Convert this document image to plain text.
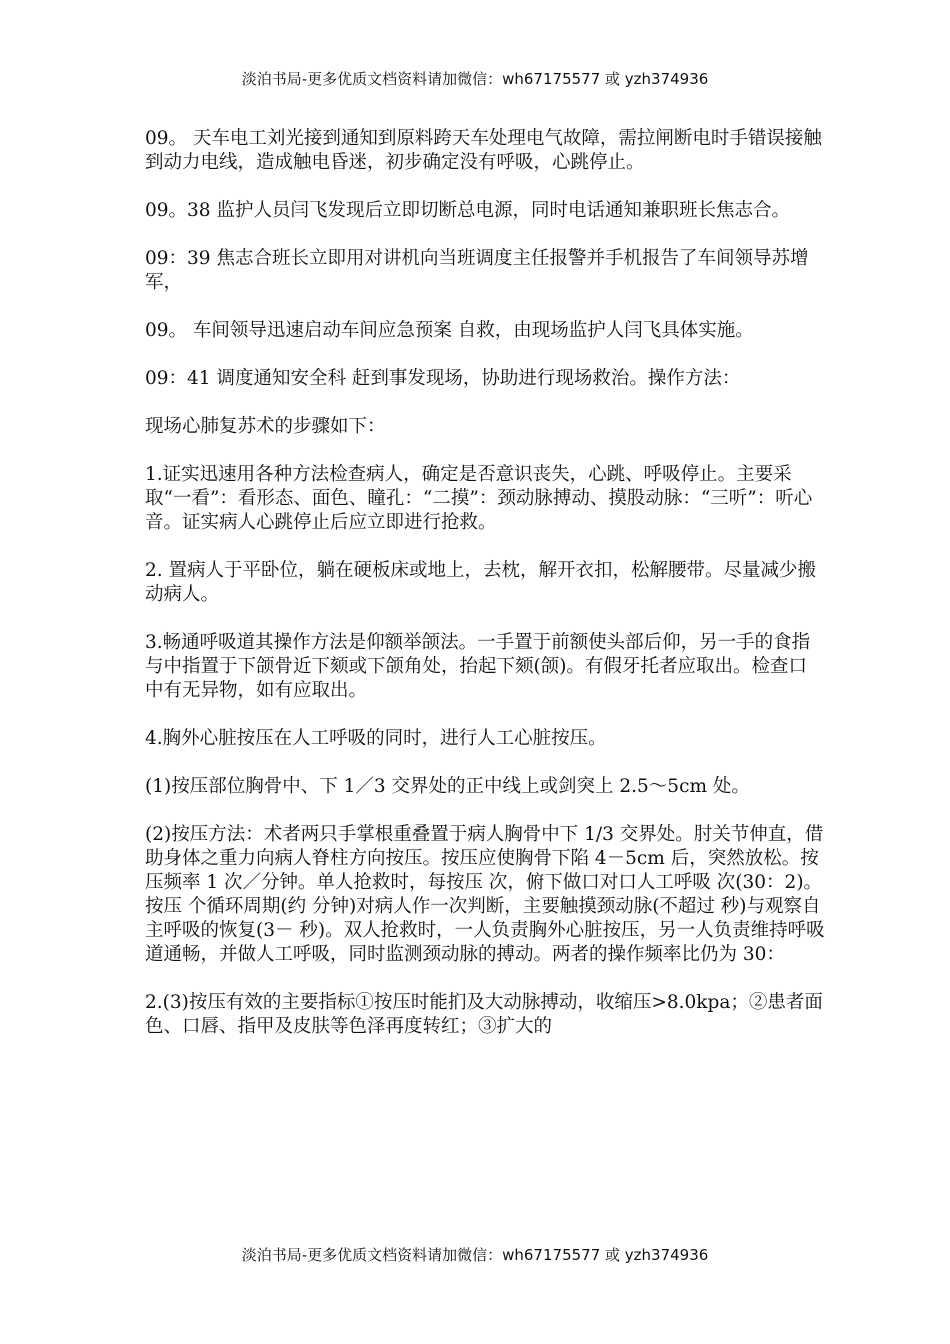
淡泊书局-更多优质文档资料请加微信：wh67175577 或 yzh374936

09。 天车电工刘光接到通知到原料跨天车处理电气故障，需拉闸断电时手错误接触到动力电线，造成触电昏迷，初步确定没有呼吸，心跳停止。

09。38 监护人员闫飞发现后立即切断总电源，同时电话通知兼职班长焦志合。

09：39 焦志合班长立即用对讲机向当班调度主任报警并手机报告了车间领导苏增军，

09。 车间领导迅速启动车间应急预案 自救，由现场监护人闫飞具体实施。

09：41 调度通知安全科 赶到事发现场，协助进行现场救治。操作方法：

现场心肺复苏术的步骤如下：

1.证实迅速用各种方法检查病人，确定是否意识丧失，心跳、呼吸停止。主要采取“一看”：看形态、面色、瞳孔：“二摸”：颈动脉搏动、摸股动脉：“三听”：听心音。证实病人心跳停止后应立即进行抢救。

2. 置病人于平卧位，躺在硬板床或地上，去枕，解开衣扣，松解腰带。尽量减少搬动病人。

3.畅通呼吸道其操作方法是仰额举颌法。一手置于前额使头部后仰，另一手的食指与中指置于下颌骨近下颏或下颌角处，抬起下颏(颌)。有假牙托者应取出。检查口中有无异物，如有应取出。

4.胸外心脏按压在人工呼吸的同时，进行人工心脏按压。

(1)按压部位胸骨中、下 1／3 交界处的正中线上或剑突上 2.5～5cm 处。

(2)按压方法：术者两只手掌根重叠置于病人胸骨中下 1/3 交界处。肘关节伸直，借助身体之重力向病人脊柱方向按压。按压应使胸骨下陷 4－5cm 后，突然放松。按压频率 1 次／分钟。单人抢救时，每按压 次，俯下做口对口人工呼吸 次(30：2)。按压 个循环周期(约 分钟)对病人作一次判断，主要触摸颈动脉(不超过 秒)与观察自主呼吸的恢复(3－ 秒)。双人抢救时，一人负责胸外心脏按压，另一人负责维持呼吸道通畅，并做人工呼吸，同时监测颈动脉的搏动。两者的操作频率比仍为 30：

2.(3)按压有效的主要指标①按压时能扪及大动脉搏动，收缩压>8.0kpa；②患者面色、口唇、指甲及皮肤等色泽再度转红；③扩大的

淡泊书局-更多优质文档资料请加微信：wh67175577 或 yzh374936
